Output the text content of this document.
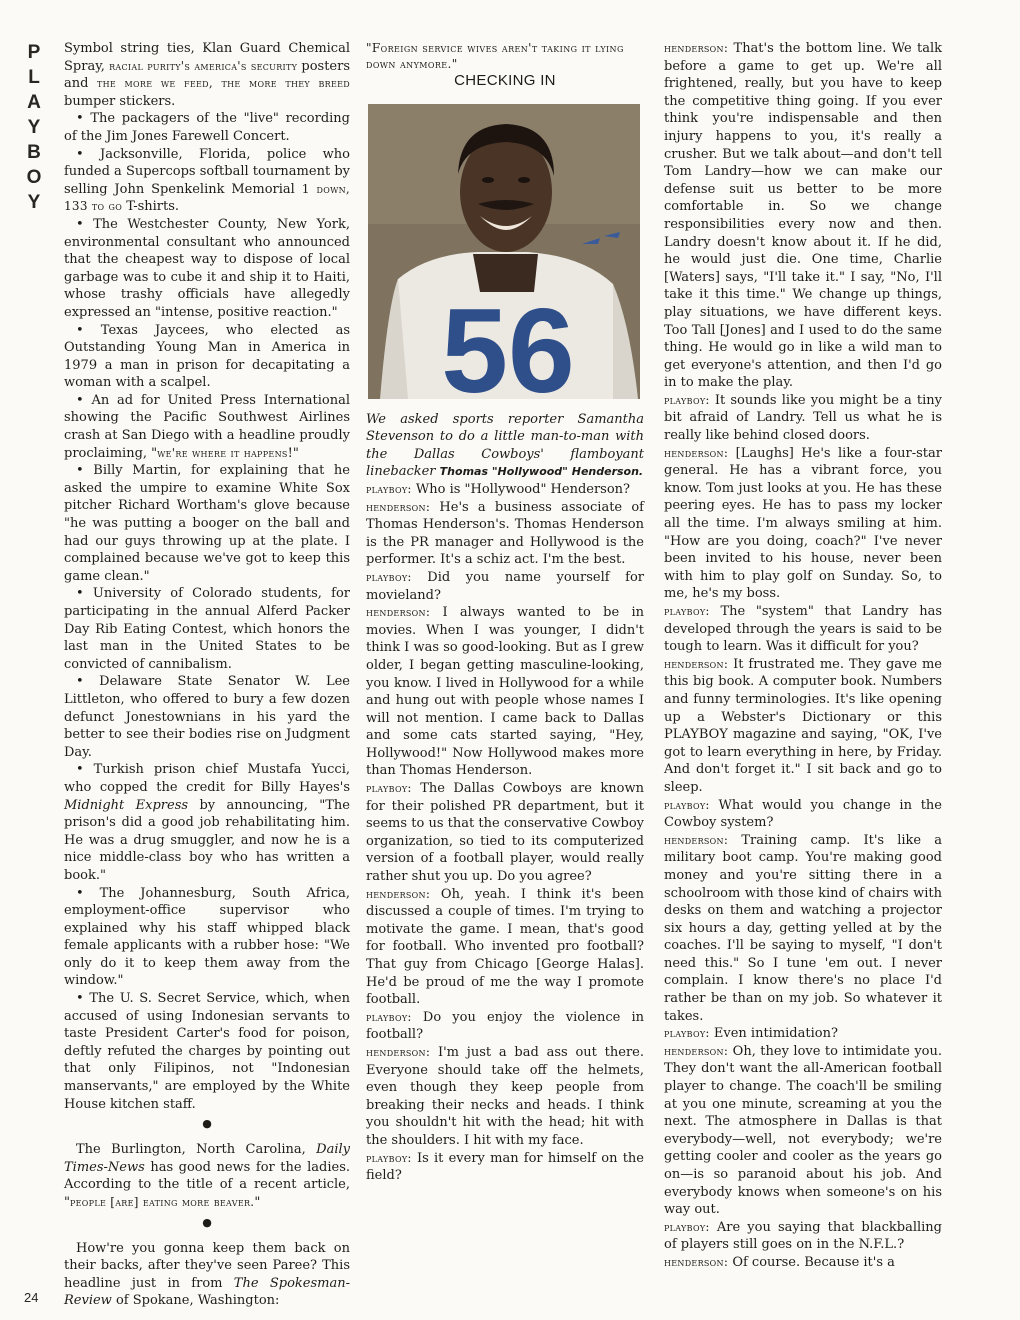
P
L
A
Y
B
O
Y

Symbol string ties, Klan Guard Chemical Spray, racial purity's america's security posters and the more we feed, the more they breed bumper stickers.

• The packagers of the "live" recording of the Jim Jones Farewell Concert.

• Jacksonville, Florida, police who funded a Supercops softball tournament by selling John Spenkelink Memorial 1 down, 133 to go T-shirts.

• The Westchester County, New York, environmental consultant who announced that the cheapest way to dispose of local garbage was to cube it and ship it to Haiti, whose trashy officials have allegedly expressed an "intense, positive reaction."

• Texas Jaycees, who elected as Outstanding Young Man in America in 1979 a man in prison for decapitating a woman with a scalpel.

• An ad for United Press International showing the Pacific Southwest Airlines crash at San Diego with a headline proudly proclaiming, "we're where it happens!"

• Billy Martin, for explaining that he asked the umpire to examine White Sox pitcher Richard Wortham's glove because "he was putting a booger on the ball and had our guys throwing up at the plate. I complained because we've got to keep this game clean."

• University of Colorado students, for participating in the annual Alferd Packer Day Rib Eating Contest, which honors the last man in the United States to be convicted of cannibalism.

• Delaware State Senator W. Lee Littleton, who offered to bury a few dozen defunct Jonestownians in his yard the better to see their bodies rise on Judgment Day.

• Turkish prison chief Mustafa Yucci, who copped the credit for Billy Hayes's Midnight Express by announcing, "The prison's did a good job rehabilitating him. He was a drug smuggler, and now he is a nice middle-class boy who has written a book."

• The Johannesburg, South Africa, employment-office supervisor who explained why his staff whipped black female applicants with a rubber hose: "We only do it to keep them away from the window."

• The U. S. Secret Service, which, when accused of using Indonesian servants to taste President Carter's food for poison, deftly refuted the charges by pointing out that only Filipinos, not "Indonesian manservants," are employed by the White House kitchen staff.

●

The Burlington, North Carolina, Daily Times-News has good news for the ladies. According to the title of a recent article, "people [are] eating more beaver."

●

How're you gonna keep them back on their backs, after they've seen Paree? This headline just in from The Spokesman-Review of Spokane, Washington:

"Foreign service wives aren't taking it lying down anymore."

CHECKING IN
56

We asked sports reporter Samantha Stevenson to do a little man-to-man with the Dallas Cowboys' flamboyant linebacker Thomas "Hollywood" Henderson.

playboy: Who is "Hollywood" Henderson?

henderson: He's a business associate of Thomas Henderson's. Thomas Henderson is the PR manager and Hollywood is the performer. It's a schiz act. I'm the best.

playboy: Did you name yourself for movieland?

henderson: I always wanted to be in movies. When I was younger, I didn't think I was so good-looking. But as I grew older, I began getting masculine-looking, you know. I lived in Hollywood for a while and hung out with people whose names I will not mention. I came back to Dallas and some cats started saying, "Hey, Hollywood!" Now Hollywood makes more than Thomas Henderson.

playboy: The Dallas Cowboys are known for their polished PR department, but it seems to us that the conservative Cowboy organization, so tied to its computerized version of a football player, would really rather shut you up. Do you agree?

henderson: Oh, yeah. I think it's been discussed a couple of times. I'm trying to motivate the game. I mean, that's good for football. Who invented pro football? That guy from Chicago [George Halas]. He'd be proud of me the way I promote football.

playboy: Do you enjoy the violence in football?

henderson: I'm just a bad ass out there. Everyone should take off the helmets, even though they keep people from breaking their necks and heads. I think you shouldn't hit with the head; hit with the shoulders. I hit with my face.

playboy: Is it every man for himself on the field?

henderson: That's the bottom line. We talk before a game to get up. We're all frightened, really, but you have to keep the competitive thing going. If you ever think you're indispensable and then injury happens to you, it's really a crusher. But we talk about—and don't tell Tom Landry—how we can make our defense suit us better to be more comfortable in. So we change responsibilities every now and then. Landry doesn't know about it. If he did, he would just die. One time, Charlie [Waters] says, "I'll take it." I say, "No, I'll take it this time." We change up things, play situations, we have different keys. Too Tall [Jones] and I used to do the same thing. He would go in like a wild man to get everyone's attention, and then I'd go in to make the play.

playboy: It sounds like you might be a tiny bit afraid of Landry. Tell us what he is really like behind closed doors.

henderson: [Laughs] He's like a four-star general. He has a vibrant force, you know. Tom just looks at you. He has these peering eyes. He has to pass my locker all the time. I'm always smiling at him. "How are you doing, coach?" I've never been invited to his house, never been with him to play golf on Sunday. So, to me, he's my boss.

playboy: The "system" that Landry has developed through the years is said to be tough to learn. Was it difficult for you?

henderson: It frustrated me. They gave me this big book. A computer book. Numbers and funny terminologies. It's like opening up a Webster's Dictionary or this PLAYBOY magazine and saying, "OK, I've got to learn everything in here, by Friday. And don't forget it." I sit back and go to sleep.

playboy: What would you change in the Cowboy system?

henderson: Training camp. It's like a military boot camp. You're making good money and you're sitting there in a schoolroom with those kind of chairs with desks on them and watching a projector six hours a day, getting yelled at by the coaches. I'll be saying to myself, "I don't need this." So I tune 'em out. I never complain. I know there's no place I'd rather be than on my job. So whatever it takes.

playboy: Even intimidation?

henderson: Oh, they love to intimidate you. They don't want the all-American football player to change. The coach'll be smiling at you one minute, screaming at you the next. The atmosphere in Dallas is that everybody—well, not everybody; we're getting cooler and cooler as the years go on—is so paranoid about his job. And everybody knows when someone's on his way out.

playboy: Are you saying that blackballing of players still goes on in the N.F.L.?

henderson: Of course. Because it's a

24
